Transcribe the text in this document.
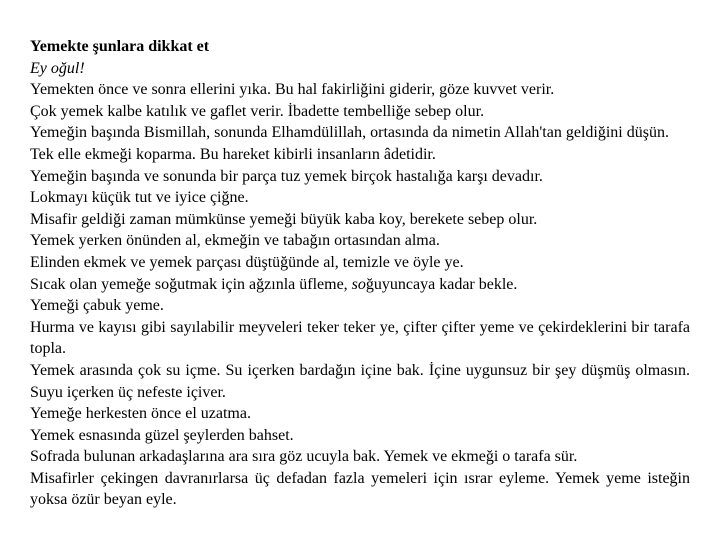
Yemekte şunlara dikkat et

Ey oğul!

Yemekten önce ve sonra ellerini yıka. Bu hal fakirliğini giderir, göze kuvvet verir.

Çok yemek kalbe katılık ve gaflet verir. İbadette tembelliğe sebep olur.

Yemeğin başında Bismillah, sonunda Elhamdülillah, ortasında da nimetin Allah'tan geldiğini düşün.

Tek elle ekmeği koparma. Bu hareket kibirli insanların âdetidir.

Yemeğin başında ve sonunda bir parça tuz yemek birçok hastalığa karşı devadır.

Lokmayı küçük tut ve iyice çiğne.

Misafir geldiği zaman mümkünse yemeği büyük kaba koy, berekete sebep olur.

Yemek yerken önünden al, ekmeğin ve tabağın ortasından alma.

Elinden ekmek ve yemek parçası düştüğünde al, temizle ve öyle ye.

Sıcak olan yemeğe soğutmak için ağzınla üfleme, soğuyuncaya kadar bekle.

Yemeği çabuk yeme.

Hurma ve kayısı gibi sayılabilir meyveleri teker teker ye, çifter çifter yeme ve çekirdeklerini bir tarafa topla.

Yemek arasında çok su içme. Su içerken bardağın içine bak. İçine uygunsuz bir şey düşmüş olmasın. Suyu içerken üç nefeste içiver.

Yemeğe herkesten önce el uzatma.

Yemek esnasında güzel şeylerden bahset.

Sofrada bulunan arkadaşlarına ara sıra göz ucuyla bak. Yemek ve ekmeği o tarafa sür.

Misafirler çekingen davranırlarsa üç defadan fazla yemeleri için ısrar eyleme. Yemek yeme isteğin yoksa özür beyan eyle.
